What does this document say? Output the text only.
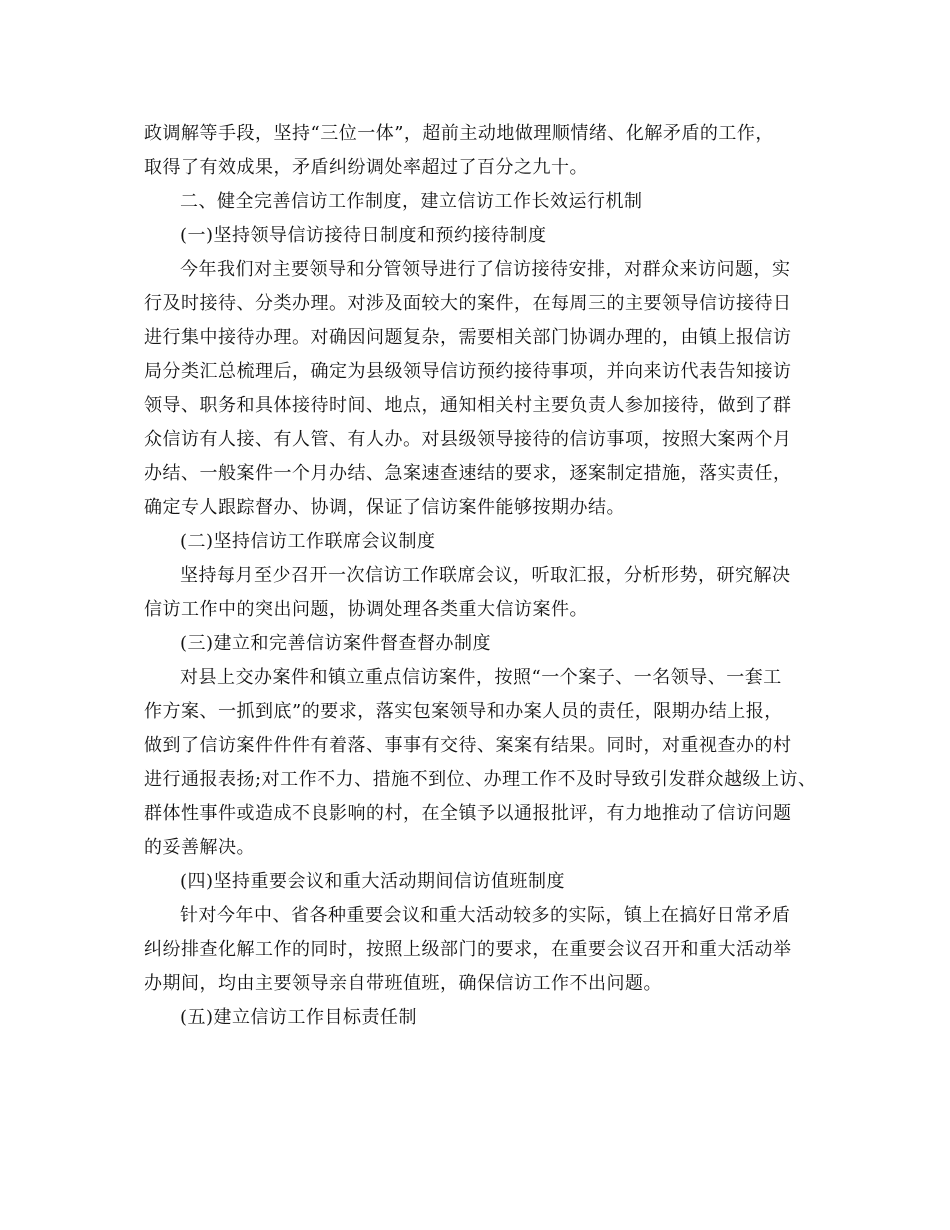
政调解等手段，坚持“三位一体”，超前主动地做理顺情绪、化解矛盾的工作，
取得了有效成果，矛盾纠纷调处率超过了百分之九十。
二、健全完善信访工作制度，建立信访工作长效运行机制
(一)坚持领导信访接待日制度和预约接待制度
今年我们对主要领导和分管领导进行了信访接待安排，对群众来访问题，实
行及时接待、分类办理。对涉及面较大的案件，在每周三的主要领导信访接待日
进行集中接待办理。对确因问题复杂，需要相关部门协调办理的，由镇上报信访
局分类汇总梳理后，确定为县级领导信访预约接待事项，并向来访代表告知接访
领导、职务和具体接待时间、地点，通知相关村主要负责人参加接待，做到了群
众信访有人接、有人管、有人办。对县级领导接待的信访事项，按照大案两个月
办结、一般案件一个月办结、急案速查速结的要求，逐案制定措施，落实责任，
确定专人跟踪督办、协调，保证了信访案件能够按期办结。
(二)坚持信访工作联席会议制度
坚持每月至少召开一次信访工作联席会议，听取汇报，分析形势，研究解决
信访工作中的突出问题，协调处理各类重大信访案件。
(三)建立和完善信访案件督查督办制度
对县上交办案件和镇立重点信访案件，按照“一个案子、一名领导、一套工
作方案、一抓到底”的要求，落实包案领导和办案人员的责任，限期办结上报，
做到了信访案件件件有着落、事事有交待、案案有结果。同时，对重视查办的村
进行通报表扬;对工作不力、措施不到位、办理工作不及时导致引发群众越级上访、
群体性事件或造成不良影响的村，在全镇予以通报批评，有力地推动了信访问题
的妥善解决。
(四)坚持重要会议和重大活动期间信访值班制度
针对今年中、省各种重要会议和重大活动较多的实际，镇上在搞好日常矛盾
纠纷排查化解工作的同时，按照上级部门的要求，在重要会议召开和重大活动举
办期间，均由主要领导亲自带班值班，确保信访工作不出问题。
(五)建立信访工作目标责任制
